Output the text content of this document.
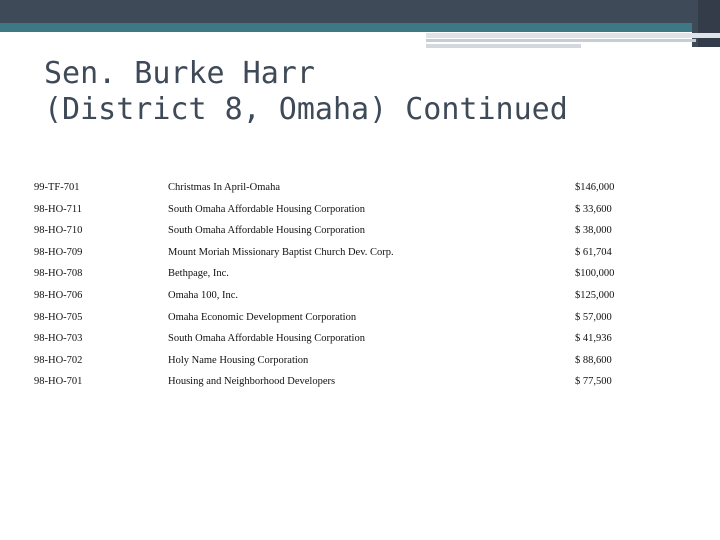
Sen. Burke Harr
(District 8, Omaha) Continued
99-TF-701	Christmas In April-Omaha	$146,000
98-HO-711	South Omaha Affordable Housing Corporation	$ 33,600
98-HO-710	South Omaha Affordable Housing Corporation	$ 38,000
98-HO-709	Mount Moriah Missionary Baptist Church Dev. Corp.	$ 61,704
98-HO-708	Bethpage, Inc.	$100,000
98-HO-706	Omaha 100, Inc.	$125,000
98-HO-705	Omaha Economic Development Corporation	$ 57,000
98-HO-703	South Omaha Affordable Housing Corporation	$ 41,936
98-HO-702	Holy Name Housing Corporation	$ 88,600
98-HO-701	Housing and Neighborhood Developers	$ 77,500
